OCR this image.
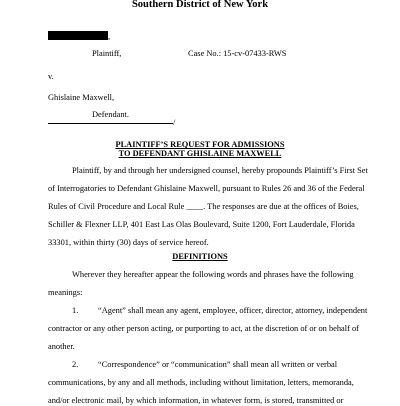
Southern District of New York
,
Plaintiff,	Case No.: 15-cv-07433-RWS
v.
Ghislaine Maxwell,
Defendant.
/
PLAINTIFF’S REQUEST FOR ADMISSIONS
TO DEFENDANT GHISLAINE MAXWELL
Plaintiff, by and through her undersigned counsel, hereby propounds Plaintiff’s First Set
of Interrogatories to Defendant Ghislaine Maxwell, pursuant to Rules 26 and 36 of the Federal
Rules of Civil Procedure and Local Rule ____. The responses are due at the offices of Boies,
Schiller & Flexner LLP, 401 East Las Olas Boulevard, Suite 1200, Fort Lauderdale, Florida
33301, within thirty (30) days of service hereof.
DEFINITIONS
Wherever they hereafter appear the following words and phrases have the following
meanings:
1. “Agent” shall mean any agent, employee, officer, director, attorney, independent
contractor or any other person acting, or purporting to act, at the discretion of or on behalf of
another.
2. “Correspondence” or “communication” shall mean all written or verbal
communications, by any and all methods, including without limitation, letters, memoranda,
and/or electronic mail, by which information, in whatever form, is stored, transmitted or
